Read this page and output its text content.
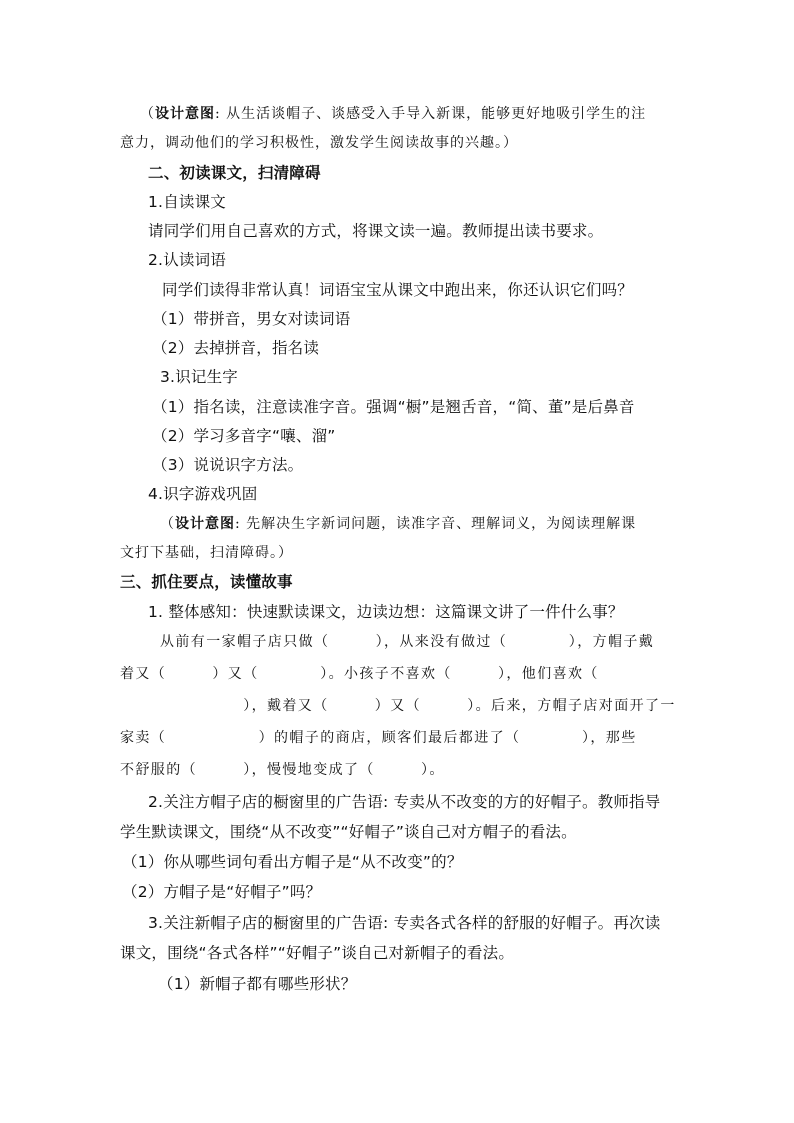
（设计意图: 从生活谈帽子、谈感受入手导入新课，能够更好地吸引学生的注
意力，调动他们的学习积极性，激发学生阅读故事的兴趣。）
二、初读课文，扫清障碍
1.自读课文
请同学们用自己喜欢的方式，将课文读一遍。教师提出读书要求。
2.认读词语
同学们读得非常认真！词语宝宝从课文中跑出来，你还认识它们吗？
（1）带拼音，男女对读词语
（2）去掉拼音，指名读
3.识记生字
（1）指名读，注意读准字音。强调“橱”是翘舌音，“简、董”是后鼻音
（2）学习多音字“嚷、溜”
（3）说说识字方法。
4.识字游戏巩固
（设计意图: 先解决生字新词问题，读准字音、理解词义，为阅读理解课
文打下基础，扫清障碍。）
三、抓住要点，读懂故事
1. 整体感知：快速默读课文，边读边想：这篇课文讲了一件什么事？
从前有一家帽子店只做（　　　），从来没有做过（　　　　），方帽子戴
着又（　　　）又（　　　　）。小孩子不喜欢（　　　），他们喜欢（
　　　　　　　　），戴着又（　　　）又（　　　）。后来，方帽子店对面开了一
家卖（　　　　　　）的帽子的商店，顾客们最后都进了（　　　　），那些
不舒服的（　　　），慢慢地变成了（　　　）。
2.关注方帽子店的橱窗里的广告语: 专卖从不改变的方的好帽子。教师指导
学生默读课文，围绕“从不改变”“好帽子”谈自己对方帽子的看法。
（1）你从哪些词句看出方帽子是“从不改变”的？
（2）方帽子是“好帽子”吗？
3.关注新帽子店的橱窗里的广告语: 专卖各式各样的舒服的好帽子。再次读
课文，围绕“各式各样”“好帽子”谈自己对新帽子的看法。
（1）新帽子都有哪些形状？
